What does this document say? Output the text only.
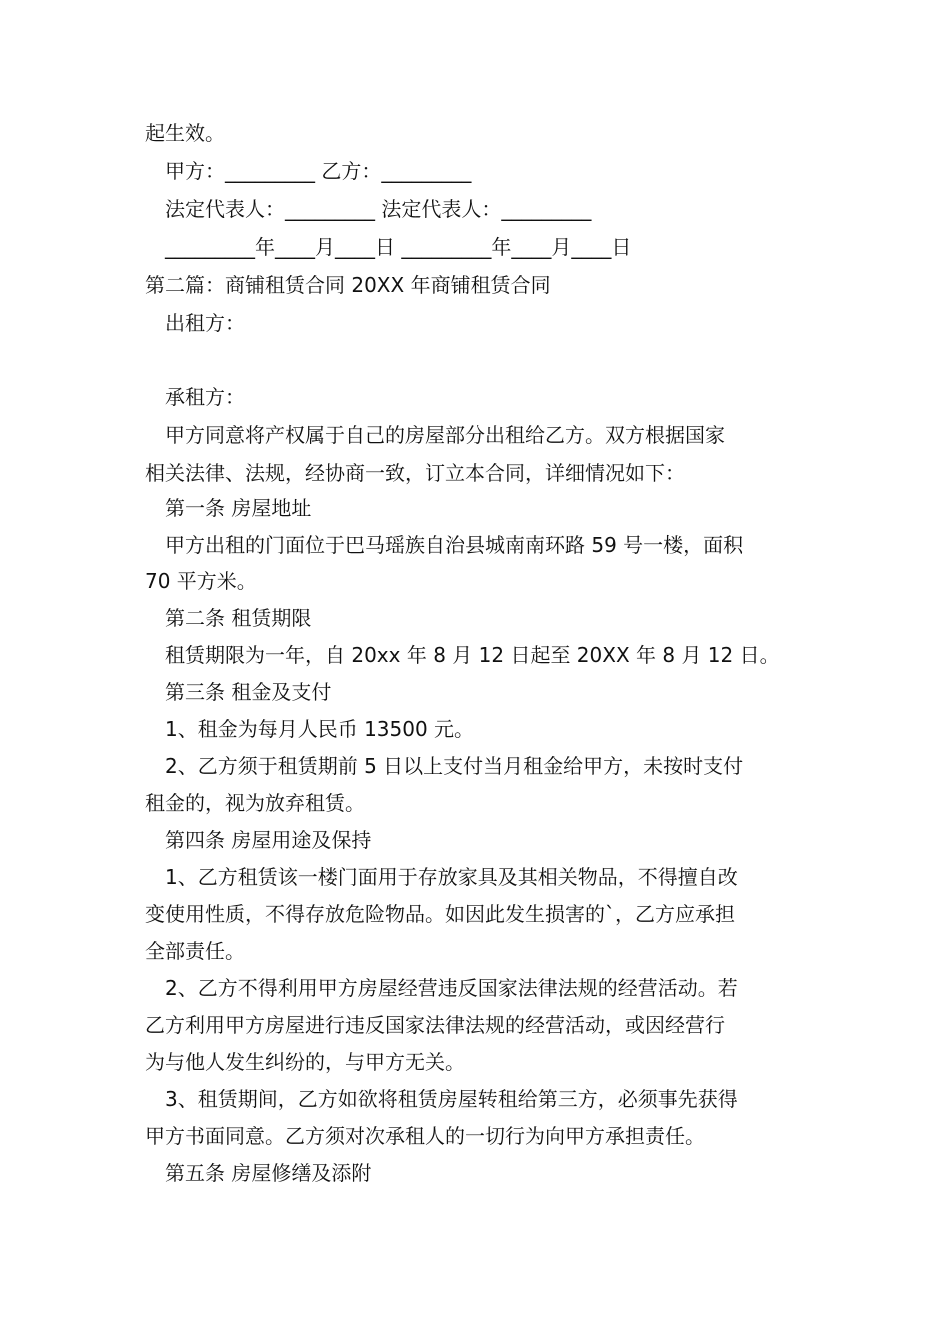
起生效。
甲方：_________ 乙方：_________
法定代表人：_________ 法定代表人：_________
_________年____月____日 _________年____月____日
第二篇：商铺租赁合同 20XX 年商铺租赁合同
出租方：
承租方：
甲方同意将产权属于自己的房屋部分出租给乙方。双方根据国家
相关法律、法规，经协商一致，订立本合同，详细情况如下：
第一条 房屋地址
甲方出租的门面位于巴马瑶族自治县城南南环路 59 号一楼，面积
70 平方米。
第二条 租赁期限
租赁期限为一年，自 20xx 年 8 月 12 日起至 20XX 年 8 月 12 日。
第三条 租金及支付
1、租金为每月人民币 13500 元。
2、乙方须于租赁期前 5 日以上支付当月租金给甲方，未按时支付
租金的，视为放弃租赁。
第四条 房屋用途及保持
1、乙方租赁该一楼门面用于存放家具及其相关物品，不得擅自改
变使用性质，不得存放危险物品。如因此发生损害的`，乙方应承担
全部责任。
2、乙方不得利用甲方房屋经营违反国家法律法规的经营活动。若
乙方利用甲方房屋进行违反国家法律法规的经营活动，或因经营行
为与他人发生纠纷的，与甲方无关。
3、租赁期间，乙方如欲将租赁房屋转租给第三方，必须事先获得
甲方书面同意。乙方须对次承租人的一切行为向甲方承担责任。
第五条 房屋修缮及添附
